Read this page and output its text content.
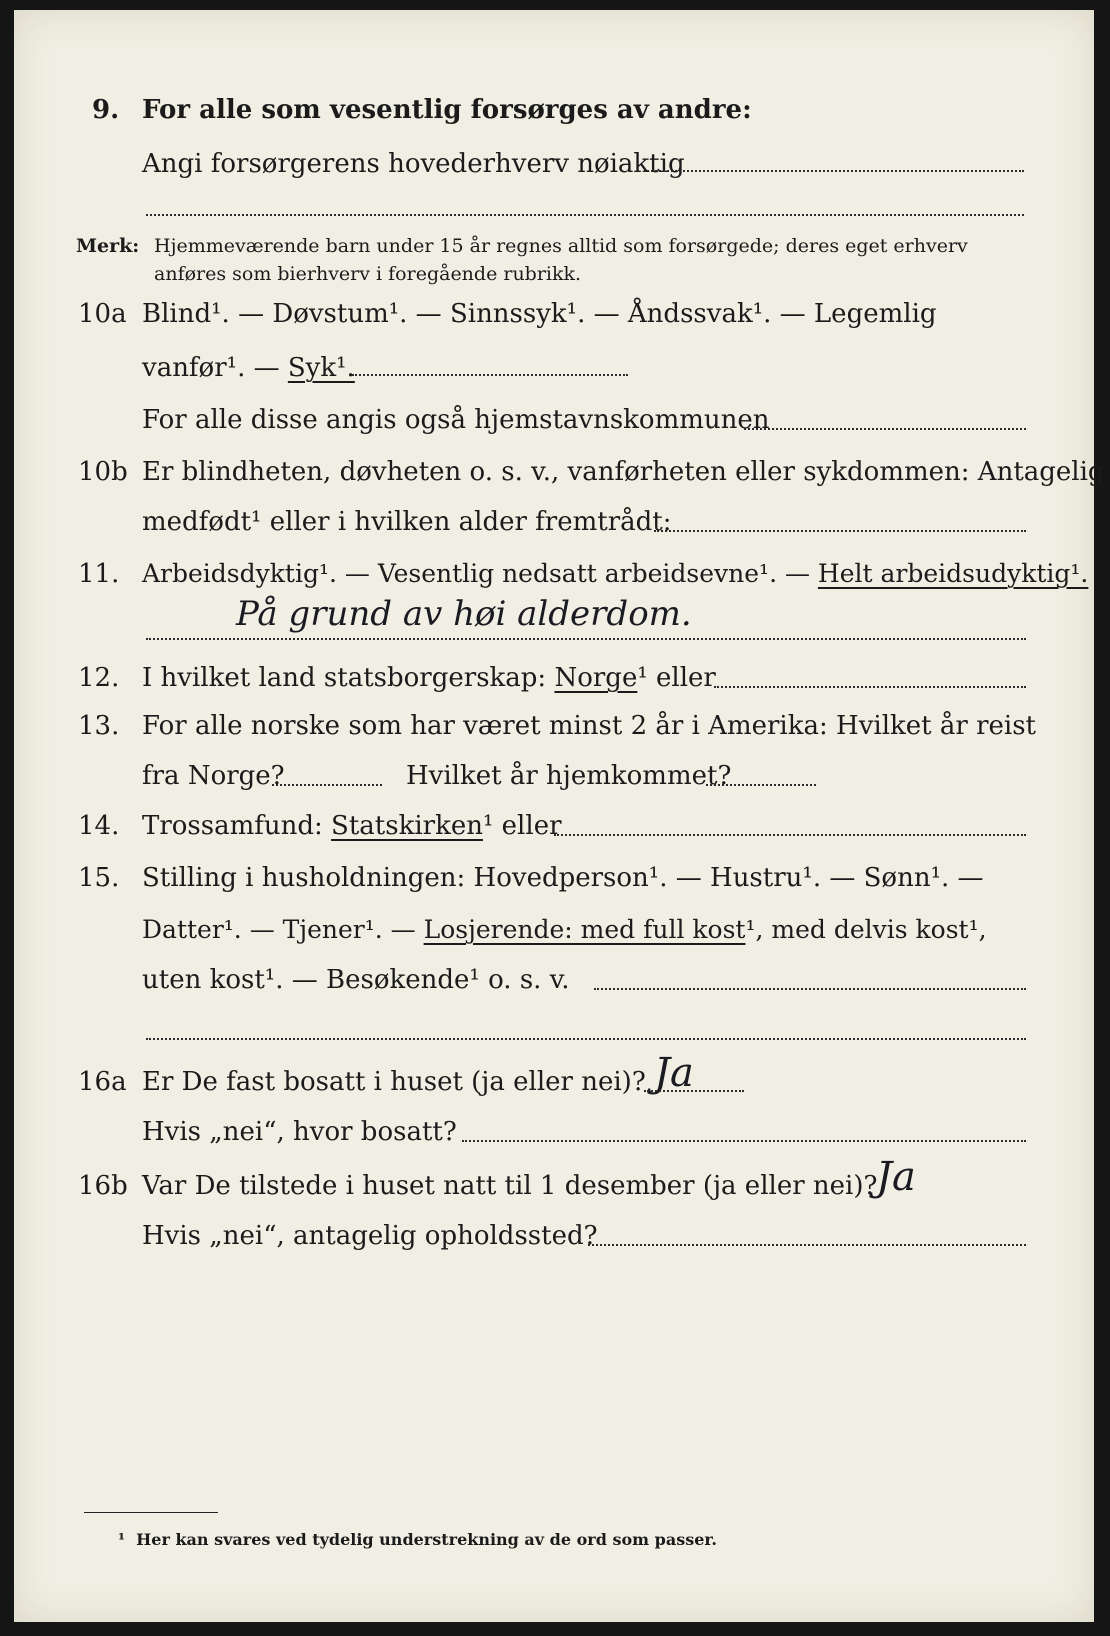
9. For alle som vesentlig forsørges av andre:
Angi forsørgerens hovederhverv nøiaktig
Merk: Hjemmeværende barn under 15 år regnes alltid som forsørgede; deres eget erhverv
anføres som bierhverv i foregående rubrikk.
10a Blind¹. — Døvstum¹. — Sinnssyk¹. — Åndssvak¹. — Legemlig
vanfør¹. — Syk¹.
For alle disse angis også hjemstavnskommunen
10b Er blindheten, døvheten o. s. v., vanførheten eller sykdommen: Antagelig
medfødt¹ eller i hvilken alder fremtrådt:
11. Arbeidsdyktig¹. — Vesentlig nedsatt arbeidsevne¹. — Helt arbeidsudyktig¹.
På grund av høi alderdom.
12. I hvilket land statsborgerskap: Norge¹ eller
13. For alle norske som har været minst 2 år i Amerika: Hvilket år reist
fra Norge?	Hvilket år hjemkommet?
14. Trossamfund: Statskirken¹ eller
15. Stilling i husholdningen: Hovedperson¹. — Hustru¹. — Sønn¹. —
Datter¹. — Tjener¹. — Losjerende: med full kost¹, med delvis kost¹,
uten kost¹. — Besøkende¹ o. s. v.
16a Er De fast bosatt i huset (ja eller nei)? Ja
Hvis „nei“, hvor bosatt?
16b Var De tilstede i huset natt til 1 desember (ja eller nei)?
Ja
Hvis „nei“, antagelig opholdssted?
¹ Her kan svares ved tydelig understrekning av de ord som passer.
